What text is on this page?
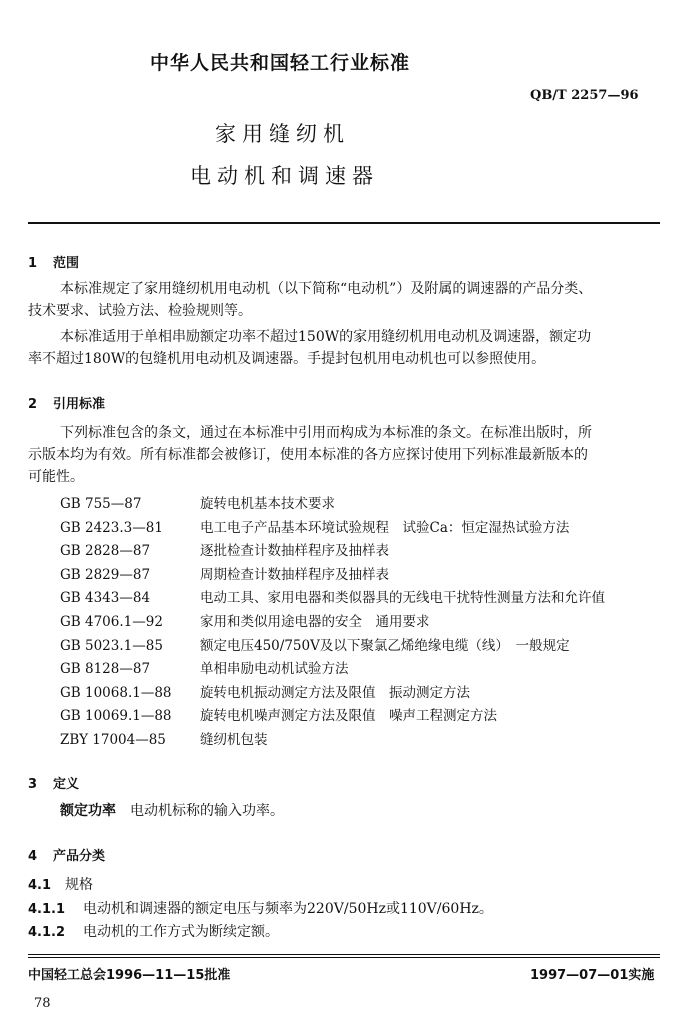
中华人民共和国轻工行业标准
QB/T 2257—96
家用缝纫机
电动机和调速器
1 范围
本标准规定了家用缝纫机用电动机（以下简称“电动机”）及附属的调速器的产品分类、
技术要求、试验方法、检验规则等。
本标准适用于单相串励额定功率不超过150W的家用缝纫机用电动机及调速器，额定功
率不超过180W的包缝机用电动机及调速器。手提封包机用电动机也可以参照使用。
2 引用标准
下列标准包含的条文，通过在本标准中引用而构成为本标准的条文。在标准出版时，所
示版本均为有效。所有标准都会被修订，使用本标准的各方应探讨使用下列标准最新版本的
可能性。
GB 755—87	旋转电机基本技术要求
GB 2423.3—81	电工电子产品基本环境试验规程　试验Ca：恒定湿热试验方法
GB 2828—87	逐批检查计数抽样程序及抽样表
GB 2829—87	周期检查计数抽样程序及抽样表
GB 4343—84	电动工具、家用电器和类似器具的无线电干扰特性测量方法和允许值
GB 4706.1—92	家用和类似用途电器的安全　通用要求
GB 5023.1—85	额定电压450/750V及以下聚氯乙烯绝缘电缆（线）　一般规定
GB 8128—87	单相串励电动机试验方法
GB 10068.1—88 旋转电机振动测定方法及限值　振动测定方法
GB 10069.1—88 旋转电机噪声测定方法及限值　噪声工程测定方法
ZBY 17004—85	缝纫机包装
3 定义
额定功率 电动机标称的输入功率。
4 产品分类
4.1 规格
4.1.1 电动机和调速器的额定电压与频率为220V/50Hz或110V/60Hz。
4.1.2 电动机的工作方式为断续定额。
中国轻工总会1996—11—15批准	1997—07—01实施
78
